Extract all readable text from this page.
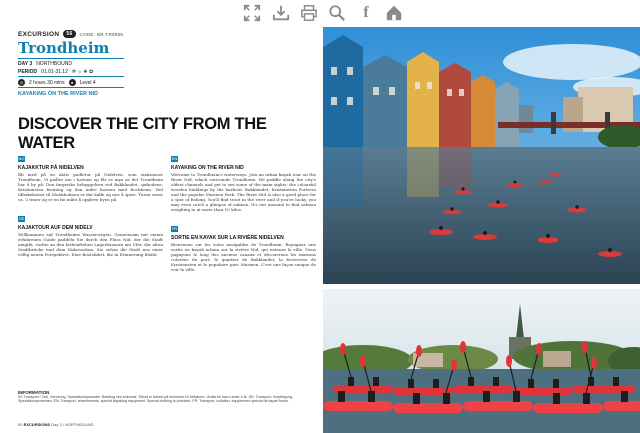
f
EXCURSION	56	CODE: NR TR0055
Trondheim
DAY 3 NORTHBOUND
PERIOD 01.01-31.12 ✲ ☼ ❦ ✿
◷	2 hours 30 mins	●	Level 4
KAYAKING ON THE RIVER NID
DISCOVER THE CITY FROM THE WATER
NO
KAJAKKTUR PÅ NIDELVEN
Bli med på en aktiv padletur på Nidelven, som omkranser Trondheim. Vi padler inn i havnen og får se mye av det Trondheim har å by på: Den fargerike bebyggelsen ved Bakklandet, sjøbodene, Kristiansten festning og den indre havnen med Rockheim. Ved tilbakekomst til Munkholmen er det kaffe og noe å spise. Turen varer ca. 2 timer og er en fin måte å oppleve byen på.
DE
KAJAKTOUR AUF DEM NIDELV
Willkommen auf Trondheims Wasserwegen. Gemeinsam mit einem erfahrenen Guide paddeln Sie durch den Fluss Nid, der die Stadt umgibt, vorbei an den farbenfrohen Lagerhäusern am Ufer, der alten Stadtbrücke und dem Nidarosdom. Sie sehen die Stadt aus einer völlig neuen Perspektive. Eine Bootsfahrt, die in Erinnerung bleibt.
EN
KAYAKING ON THE RIVER NID
Welcome to Trondheim's waterways. Join an urban kayak tour on the River Nid, which surrounds Trondheim. We paddle along the city's oldest channels and get to see some of the main sights: the colourful wooden buildings by the harbour, Bakklandet, Kristiansten Fortress and the popular Marinen Park. The River Nid is also a good place for a spot of fishing. You'll find trout in the river and if you're lucky, you may even catch a glimpse of salmon. It's not unusual to find salmon weighing in at more than 10 kilos.
FR
SORTIE EN KAYAK SUR LA RIVIÈRE NIDELVEN
Bienvenue sur les voies navigables de Trondheim. Rejoignez une sortie en kayak urbain sur la rivière Nid, qui entoure la ville. Nous pagayons le long des anciens canaux et découvrons les maisons colorées du port, le quartier de Bakklandet, la forteresse de Kristiansten et le populaire parc Marinen. C'est une façon unique de voir la ville.
INFORMATION
IN: Transport / Taxi, Servering, Spesialkomponenter. Betaling ved ankomst. Tilbud er basert på minimum 10 deltakere. Gratis for barn under 4 år. DE: Transport, Verpflegung, Spezialkomponenten. EN: Transport, refreshments, special kayaking equipment. Special clothing is provided. FR: Transport, collation, équipement spécial de kayak fourni.
80 EXCURSIONS Day 3 / NORTHBOUND
